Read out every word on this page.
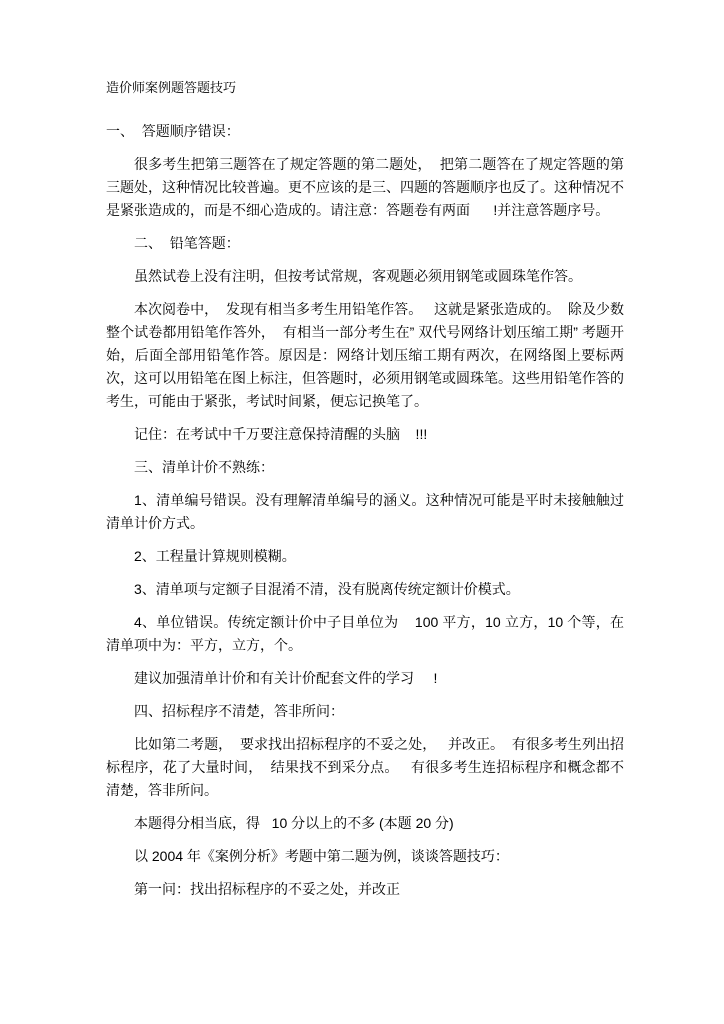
造价师案例题答题技巧

一、  答题顺序错误：

很多考生把第三题答在了规定答题的第二题处，  把第二题答在了规定答题的第三题处，这种情况比较普遍。更不应该的是三、四题的答题顺序也反了。这种情况不是紧张造成的，而是不细心造成的。请注意：答题卷有两面      !并注意答题序号。

二、  铅笔答题：

虽然试卷上没有注明，但按考试常规，客观题必须用钢笔或圆珠笔作答。

本次阅卷中，  发现有相当多考生用铅笔作答。   这就是紧张造成的。  除及少数整个试卷都用铅笔作答外，  有相当一部分考生在” 双代号网络计划压缩工期” 考题开始，后面全部用铅笔作答。原因是：网络计划压缩工期有两次，在网络图上要标两次，这可以用铅笔在图上标注，但答题时，必须用钢笔或圆珠笔。这些用铅笔作答的考生，可能由于紧张，考试时间紧，便忘记换笔了。

记住：在考试中千万要注意保持清醒的头脑    !!!

三、清单计价不熟练：

1、清单编号错误。没有理解清单编号的涵义。这种情况可能是平时未接触触过清单计价方式。

2、工程量计算规则模糊。

3、清单项与定额子目混淆不清，没有脱离传统定额计价模式。

4、单位错误。传统定额计价中子目单位为    100 平方，10 立方，10 个等，在清单项中为：平方，立方，个。

建议加强清单计价和有关计价配套文件的学习     !

四、招标程序不清楚，答非所问：

比如第二考题，  要求找出招标程序的不妥之处，   并改正。  有很多考生列出招标程序，花了大量时间，  结果找不到采分点。   有很多考生连招标程序和概念都不清楚，答非所问。

本题得分相当底，得   10 分以上的不多 (本题 20 分)

以 2004 年《案例分析》考题中第二题为例，谈谈答题技巧：

第一问：找出招标程序的不妥之处，并改正
